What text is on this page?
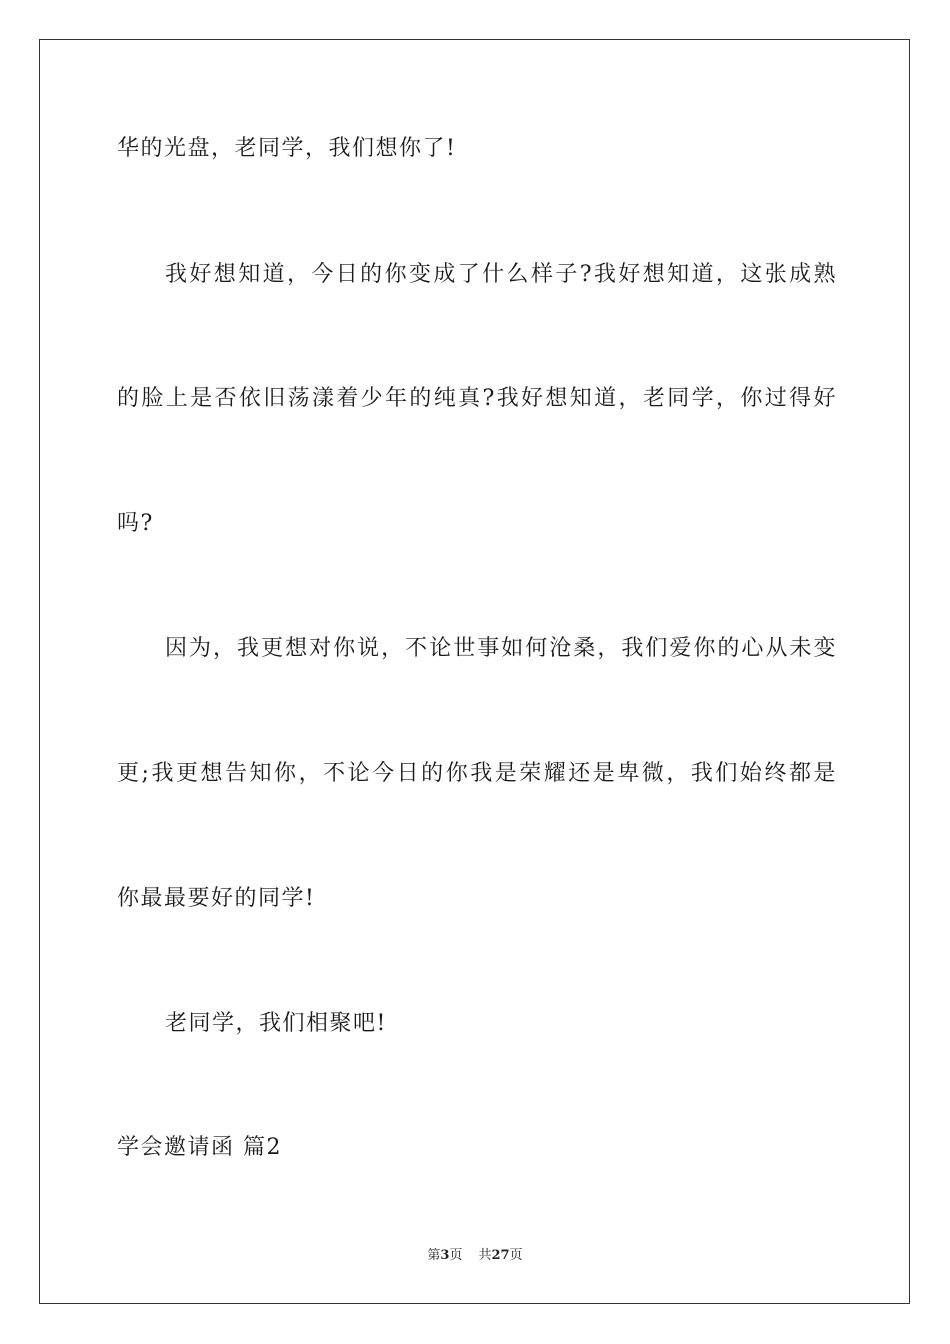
华的光盘，老同学，我们想你了!
我好想知道，今日的你变成了什么样子?我好想知道，这张成熟
的脸上是否依旧荡漾着少年的纯真?我好想知道，老同学，你过得好
吗?
因为，我更想对你说，不论世事如何沧桑，我们爱你的心从未变
更;我更想告知你，不论今日的你我是荣耀还是卑微，我们始终都是
你最最要好的同学!
老同学，我们相聚吧!
学会邀请函 篇2
第3页 共27页
